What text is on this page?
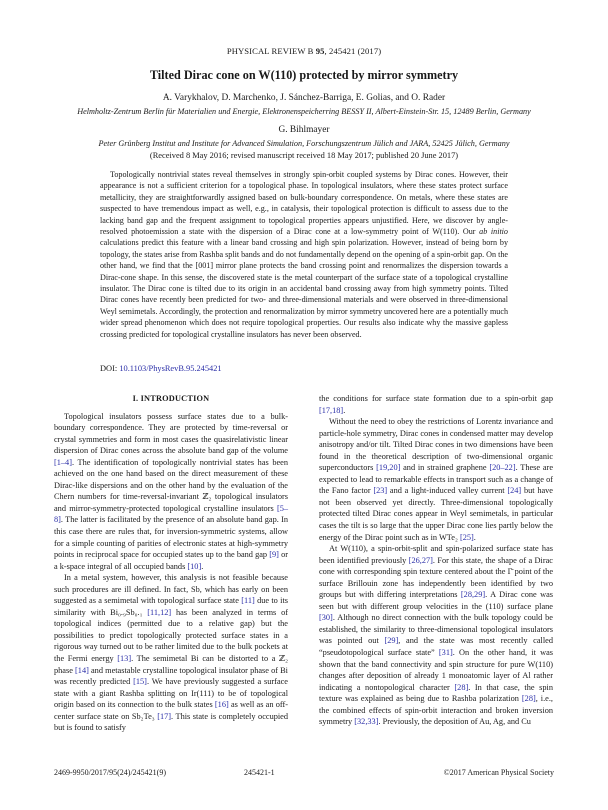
PHYSICAL REVIEW B 95, 245421 (2017)
Tilted Dirac cone on W(110) protected by mirror symmetry
A. Varykhalov, D. Marchenko, J. Sánchez-Barriga, E. Golias, and O. Rader
Helmholtz-Zentrum Berlin für Materialien und Energie, Elektronenspeicherring BESSY II, Albert-Einstein-Str. 15, 12489 Berlin, Germany
G. Bihlmayer
Peter Grünberg Institut and Institute for Advanced Simulation, Forschungszentrum Jülich and JARA, 52425 Jülich, Germany
(Received 8 May 2016; revised manuscript received 18 May 2017; published 20 June 2017)
Topologically nontrivial states reveal themselves in strongly spin-orbit coupled systems by Dirac cones. However, their appearance is not a sufficient criterion for a topological phase. In topological insulators, where these states protect surface metallicity, they are straightforwardly assigned based on bulk-boundary correspondence. On metals, where these states are suspected to have tremendous impact as well, e.g., in catalysis, their topological protection is difficult to assess due to the lacking band gap and the frequent assignment to topological properties appears unjustified. Here, we discover by angle-resolved photoemission a state with the dispersion of a Dirac cone at a low-symmetry point of W(110). Our ab initio calculations predict this feature with a linear band crossing and high spin polarization. However, instead of being born by topology, the states arise from Rashba split bands and do not fundamentally depend on the opening of a spin-orbit gap. On the other hand, we find that the [001] mirror plane protects the band crossing point and renormalizes the dispersion towards a Dirac-cone shape. In this sense, the discovered state is the metal counterpart of the surface state of a topological crystalline insulator. The Dirac cone is tilted due to its origin in an accidental band crossing away from high symmetry points. Tilted Dirac cones have recently been predicted for two- and three-dimensional materials and were observed in three-dimensional Weyl semimetals. Accordingly, the protection and renormalization by mirror symmetry uncovered here are a potentially much wider spread phenomenon which does not require topological properties. Our results also indicate why the massive gapless crossing predicted for topological crystalline insulators has never been observed.
DOI: 10.1103/PhysRevB.95.245421
I. INTRODUCTION

Topological insulators possess surface states due to a bulk-boundary correspondence. They are protected by time-reversal or crystal symmetries and form in most cases the quasirelativistic linear dispersion of Dirac cones across the absolute band gap of the volume [1–4]. The identification of topologically nontrivial states has been achieved on the one hand based on the direct measurement of these Dirac-like dispersions and on the other hand by the evaluation of the Chern numbers for time-reversal-invariant ℤ₂ topological insulators and mirror-symmetry-protected topological crystalline insulators [5–8]. The latter is facilitated by the presence of an absolute band gap. In this case there are rules that, for inversion-symmetric systems, allow for a simple counting of parities of electronic states at high-symmetry points in reciprocal space for occupied states up to the band gap [9] or a k-space integral of all occupied bands [10].

In a metal system, however, this analysis is not feasible because such procedures are ill defined. In fact, Sb, which has early on been suggested as a semimetal with topological surface state [11] due to its similarity with Bi₀.₉Sb₀.₁ [11,12] has been analyzed in terms of topological indices (permitted due to a relative gap) but the possibilities to predict topologically protected surface states in a rigorous way turned out to be rather limited due to the bulk pockets at the Fermi energy [13]. The semimetal Bi can be distorted to a ℤ₂ phase [14] and metastable crystalline topological insulator phase of Bi was recently predicted [15]. We have previously suggested a surface state with a giant Rashba splitting on Ir(111) to be of topological origin based on its connection to the bulk states [16] as well as an off-center surface state on Sb₂Te₃ [17]. This state is completely occupied but is found to satisfy

the conditions for surface state formation due to a spin-orbit gap [17,18].

Without the need to obey the restrictions of Lorentz invariance and particle-hole symmetry, Dirac cones in condensed matter may develop anisotropy and/or tilt. Tilted Dirac cones in two dimensions have been found in the theoretical description of two-dimensional organic superconductors [19,20] and in strained graphene [20–22]. These are expected to lead to remarkable effects in transport such as a change of the Fano factor [23] and a light-induced valley current [24] but have not been observed yet directly. Three-dimensional topologically protected tilted Dirac cones appear in Weyl semimetals, in particular cases the tilt is so large that the upper Dirac cone lies partly below the energy of the Dirac point such as in WTe₂ [25].

At W(110), a spin-orbit-split and spin-polarized surface state has been identified previously [26,27]. For this state, the shape of a Dirac cone with corresponding spin texture centered about the Γ̄ point of the surface Brillouin zone has independently been identified by two groups but with differing interpretations [28,29]. A Dirac cone was seen but with different group velocities in the (110) surface plane [30]. Although no direct connection with the bulk topology could be established, the similarity to three-dimensional topological insulators was pointed out [29], and the state was most recently called “pseudotopological surface state” [31]. On the other hand, it was shown that the band connectivity and spin structure for pure W(110) changes after deposition of already 1 monoatomic layer of Al rather indicating a nontopological character [28]. In that case, the spin texture was explained as being due to Rashba polarization [28], i.e., the combined effects of spin-orbit interaction and broken inversion symmetry [32,33]. Previously, the deposition of Au, Ag, and Cu

2469-9950/2017/95(24)/245421(9)	245421-1	©2017 American Physical Society
